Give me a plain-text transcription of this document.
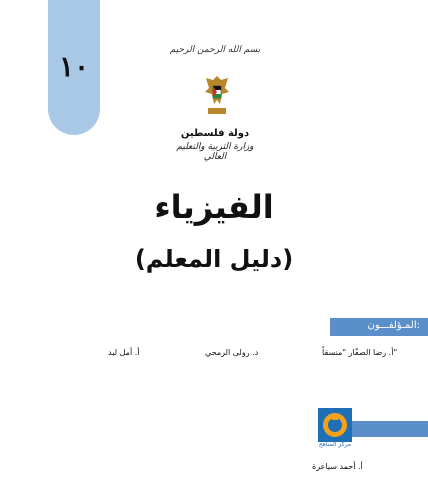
١٠	بسم الله الرحمن الرحيم
دولة فلسطين
وزارة التربية والتعليم العالي
الفيزياء
(دليل المعلم)
المـؤلفـــون:
أ. رضا الصفّار "منسقاً"
د. رولى الرمحي
أ. أمل ليد
مركز المناهج
أ. أحمد سياعرة
